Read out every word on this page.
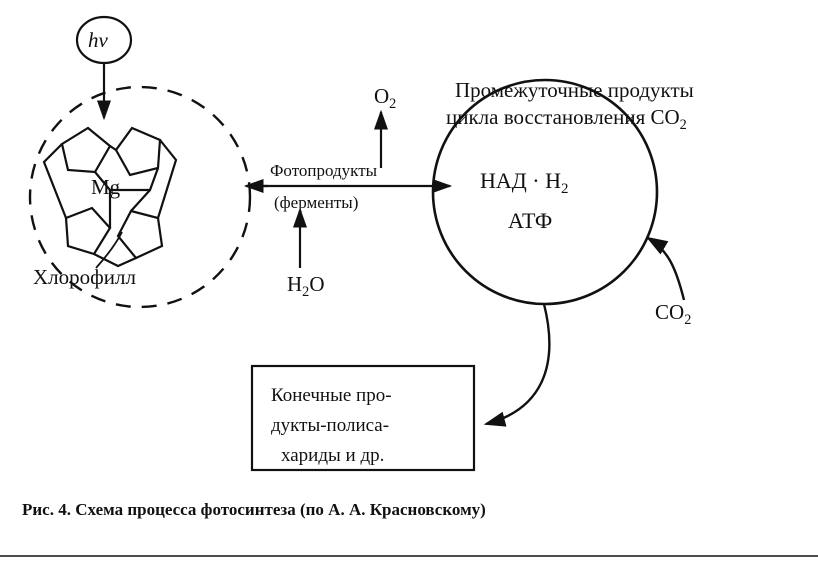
hv
Mg
Хлорофилл
$O_2$
Фотопродукты
(ферменты)
$H_2O$
Промежуточные продукты
цикла восстановления $СО_2$
НАД · $Н_2$
АТФ
$СО_2$
Конечные про-
дукты-полиса-
хариды и др.
Рис. 4. Схема процесса фотосинтеза (по А. А. Красновскому)
